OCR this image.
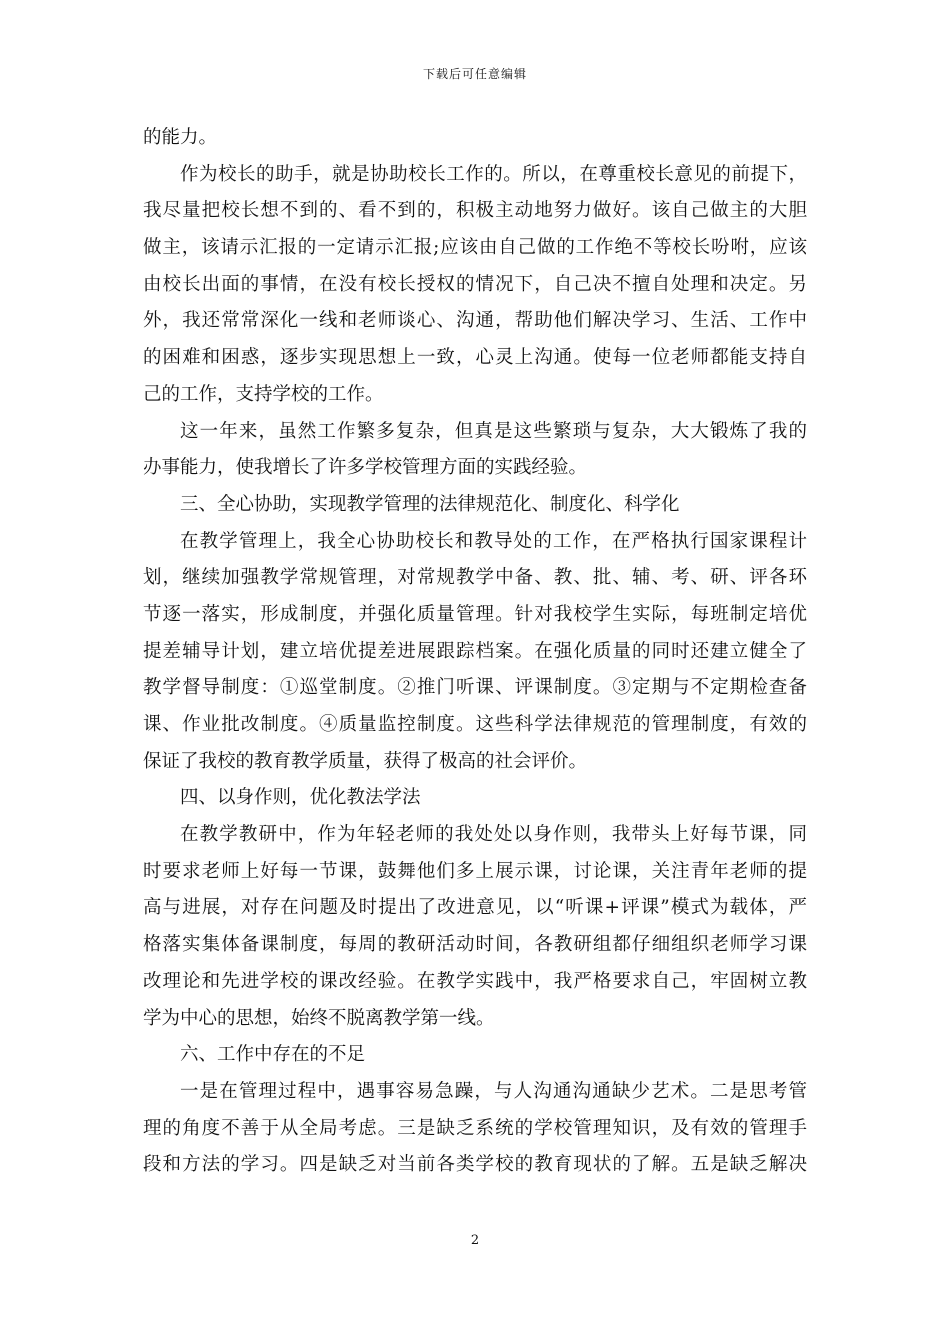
下载后可任意编辑
的能力。
作为校长的助手，就是协助校长工作的。所以，在尊重校长意见的前提下，
我尽量把校长想不到的、看不到的，积极主动地努力做好。该自己做主的大胆
做主，该请示汇报的一定请示汇报;应该由自己做的工作绝不等校长吩咐，应该
由校长出面的事情，在没有校长授权的情况下，自己决不擅自处理和决定。另
外，我还常常深化一线和老师谈心、沟通，帮助他们解决学习、生活、工作中
的困难和困惑，逐步实现思想上一致，心灵上沟通。使每一位老师都能支持自
己的工作，支持学校的工作。
这一年来，虽然工作繁多复杂，但真是这些繁琐与复杂，大大锻炼了我的
办事能力，使我增长了许多学校管理方面的实践经验。
三、全心协助，实现教学管理的法律规范化、制度化、科学化
在教学管理上，我全心协助校长和教导处的工作，在严格执行国家课程计
划，继续加强教学常规管理，对常规教学中备、教、批、辅、考、研、评各环
节逐一落实，形成制度，并强化质量管理。针对我校学生实际，每班制定培优
提差辅导计划，建立培优提差进展跟踪档案。在强化质量的同时还建立健全了
教学督导制度：①巡堂制度。②推门听课、评课制度。③定期与不定期检查备
课、作业批改制度。④质量监控制度。这些科学法律规范的管理制度，有效的
保证了我校的教育教学质量，获得了极高的社会评价。
四、以身作则，优化教法学法
在教学教研中，作为年轻老师的我处处以身作则，我带头上好每节课，同
时要求老师上好每一节课，鼓舞他们多上展示课，讨论课，关注青年老师的提
高与进展，对存在问题及时提出了改进意见，以“听课+评课”模式为载体，严
格落实集体备课制度，每周的教研活动时间，各教研组都仔细组织老师学习课
改理论和先进学校的课改经验。在教学实践中，我严格要求自己，牢固树立教
学为中心的思想，始终不脱离教学第一线。
六、工作中存在的不足
一是在管理过程中，遇事容易急躁，与人沟通沟通缺少艺术。二是思考管
理的角度不善于从全局考虑。三是缺乏系统的学校管理知识，及有效的管理手
段和方法的学习。四是缺乏对当前各类学校的教育现状的了解。五是缺乏解决
2
